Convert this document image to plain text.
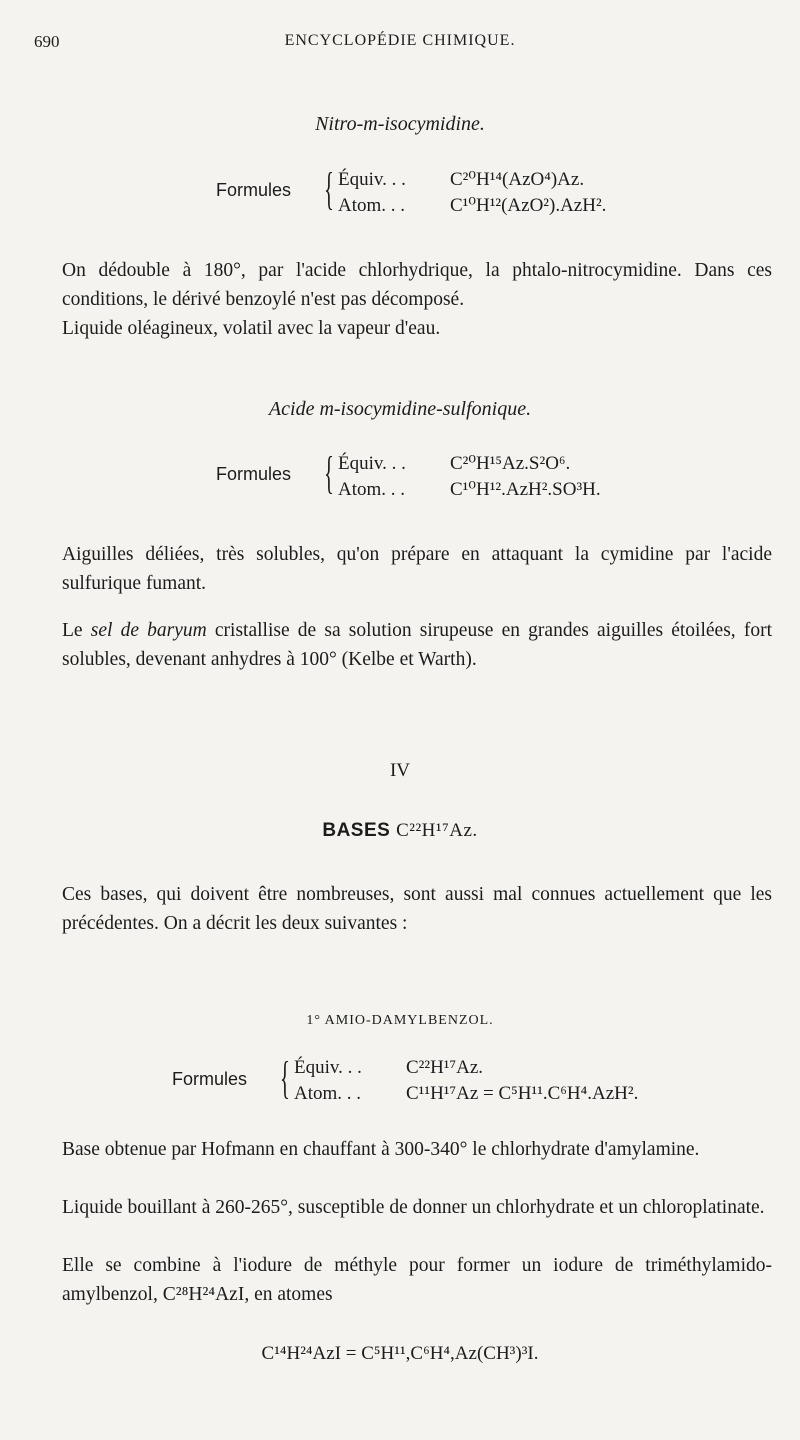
690	ENCYCLOPÉDIE CHIMIQUE.
Nitro-m-isocymidine.
Formules { Équiv. . . C²⁰H¹⁴(AzO⁴)Az.
Atom. . . C¹⁰H¹²(AzO²).AzH².
On dédouble à 180°, par l'acide chlorhydrique, la phtalo-nitrocymidine. Dans ces conditions, le dérivé benzoylé n'est pas décomposé.
Liquide oléagineux, volatil avec la vapeur d'eau.
Acide m-isocymidine-sulfonique.
Formules { Équiv. . . C²⁰H¹⁵Az.S²O⁶.
Atom. . . C¹⁰H¹².AzH².SO³H.
Aiguilles déliées, très solubles, qu'on prépare en attaquant la cymidine par l'acide sulfurique fumant.
Le sel de baryum cristallise de sa solution sirupeuse en grandes aiguilles étoilées, fort solubles, devenant anhydres à 100° (Kelbe et Warth).
IV
BASES C²²H¹⁷Az.
Ces bases, qui doivent être nombreuses, sont aussi mal connues actuellement que les précédentes. On a décrit les deux suivantes :
1° AMIO-DAMYLBENZOL.
Formules { Équiv. . . C²²H¹⁷Az.
Atom. . . C¹¹H¹⁷Az = C⁵H¹¹.C⁶H⁴.AzH².
Base obtenue par Hofmann en chauffant à 300-340° le chlorhydrate d'amylamine.
Liquide bouillant à 260-265°, susceptible de donner un chlorhydrate et un chloroplatinate.
Elle se combine à l'iodure de méthyle pour former un iodure de triméthylamido-amylbenzol, C²⁸H²⁴AzI, en atomes
C¹⁴H²⁴AzI = C⁵H¹¹,C⁶H⁴,Az(CH³)³I.
